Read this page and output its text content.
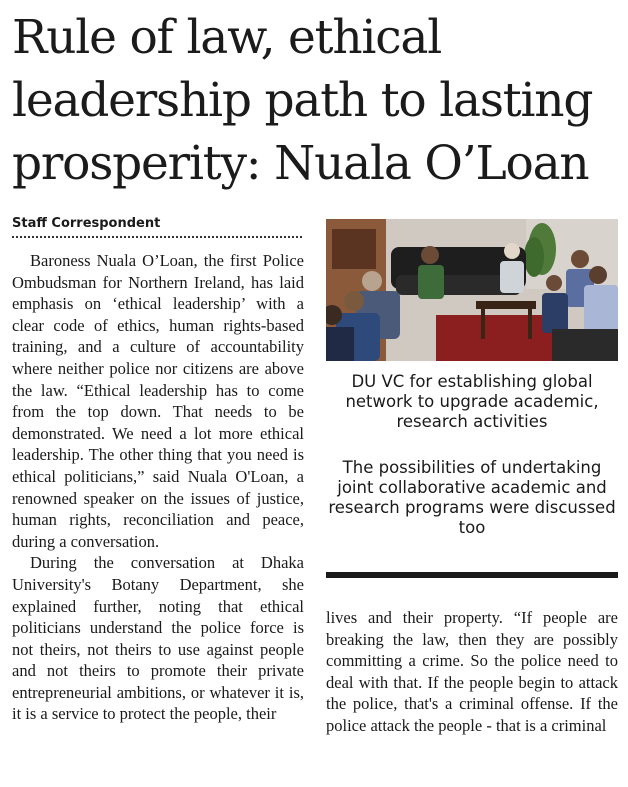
Rule of law, ethical
leadership path to lasting
prosperity: Nuala O’Loan
Staff Correspondent

Baroness Nuala O’Loan, the first Police Ombudsman for Northern Ireland, has laid emphasis on ‘ethical leadership’ with a clear code of ethics, human rights-based training, and a culture of accountability where neither police nor citizens are above the law. “Ethical leadership has to come from the top down. That needs to be demonstrated. We need a lot more ethical leadership. The other thing that you need is ethical politicians,” said Nuala O'Loan, a renowned speaker on the issues of justice, human rights, reconciliation and peace, during a conversation.

During the conversation at Dhaka University's Botany Department, she explained further, noting that ethical politicians understand the police force is not theirs, not theirs to use against people and not theirs to promote their private entrepreneurial ambitions, or whatever it is, it is a service to protect the people, their

DU VC for establishing global network to upgrade academic, research activities

The possibilities of undertaking joint collaborative academic and research programs were discussed too

lives and their property. “If people are breaking the law, then they are possibly committing a crime. So the police need to deal with that. If the people begin to attack the police, that's a criminal offense. If the police attack the people - that is a criminal
